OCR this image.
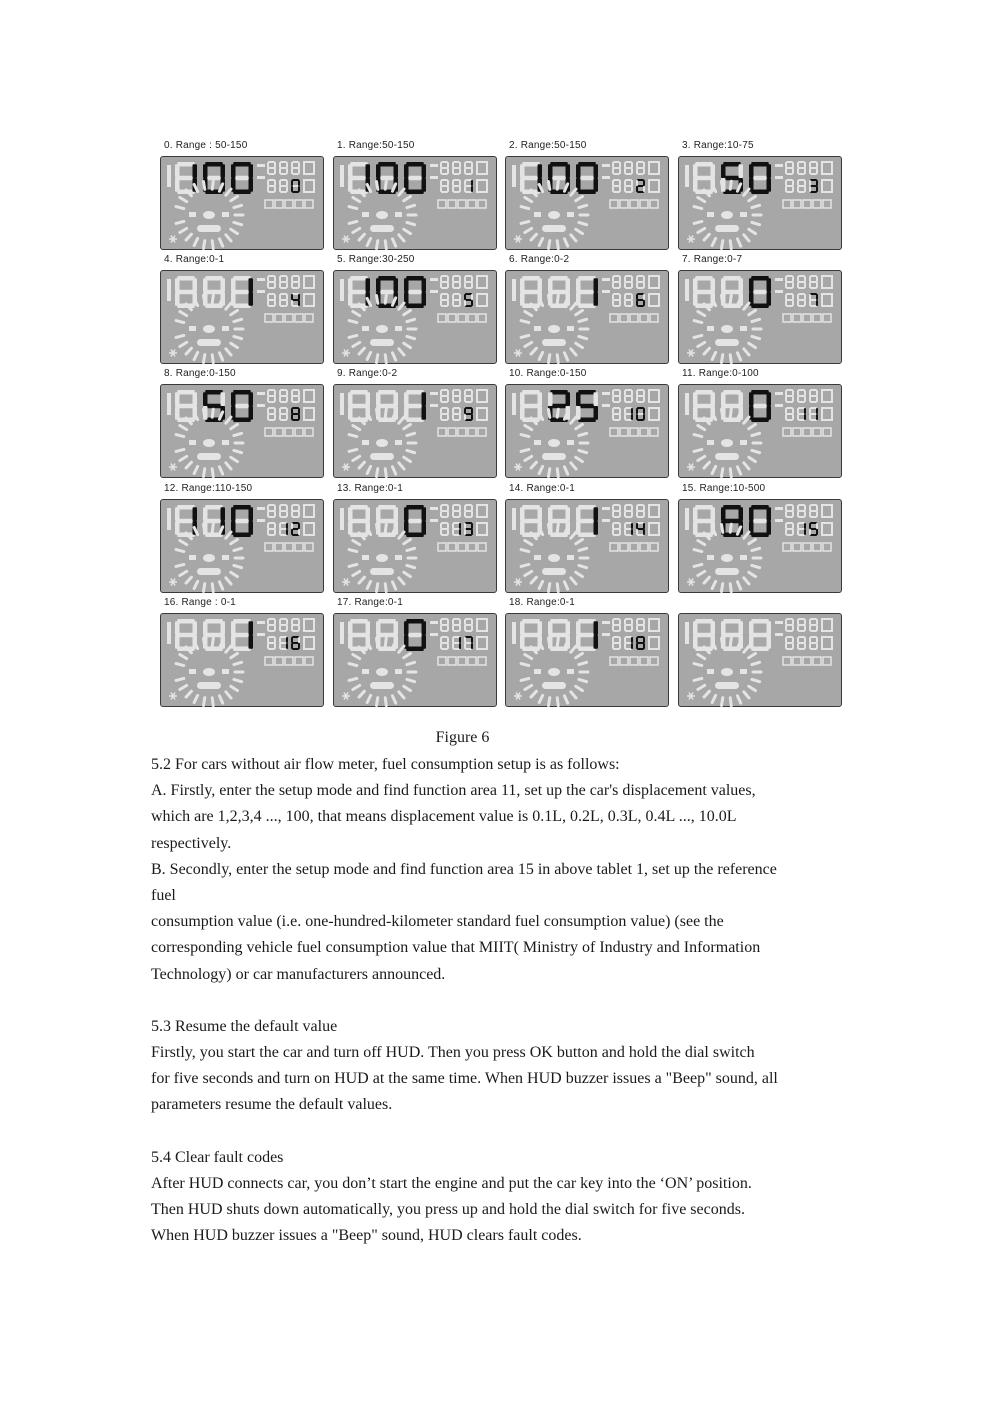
0. Range : 50-150	1. Range:50-150	2. Range:50-150	3. Range:10-75
4. Range:0-1	5. Range:30-250	6. Range:0-2	7. Range:0-7
8. Range:0-150	9. Range:0-2	10. Range:0-150	11. Range:0-100
12. Range:110-150	13. Range:0-1	14. Range:0-1	15. Range:10-500
16. Range : 0-1	17. Range:0-1	18. Range:0-1
Figure 6

5.2 For cars without air flow meter, fuel consumption setup is as follows:

A. Firstly, enter the setup mode and find function area 11, set up the car's displacement values,

which are 1,2,3,4 ..., 100, that means displacement value is 0.1L, 0.2L, 0.3L, 0.4L ..., 10.0L

respectively.

B. Secondly, enter the setup mode and find function area 15 in above tablet 1, set up the reference

fuel

consumption value (i.e. one-hundred-kilometer standard fuel consumption value) (see the

corresponding vehicle fuel consumption value that MIIT( Ministry of Industry and Information

Technology) or car manufacturers announced.

5.3 Resume the default value

Firstly, you start the car and turn off HUD. Then you press OK button and hold the dial switch

for five seconds and turn on HUD at the same time. When HUD buzzer issues a "Beep" sound, all

parameters resume the default values.

5.4 Clear fault codes

After HUD connects car, you don’t start the engine and put the car key into the ‘ON’ position.

Then HUD shuts down automatically, you press up and hold the dial switch for five seconds.

When HUD buzzer issues a "Beep" sound, HUD clears fault codes.
